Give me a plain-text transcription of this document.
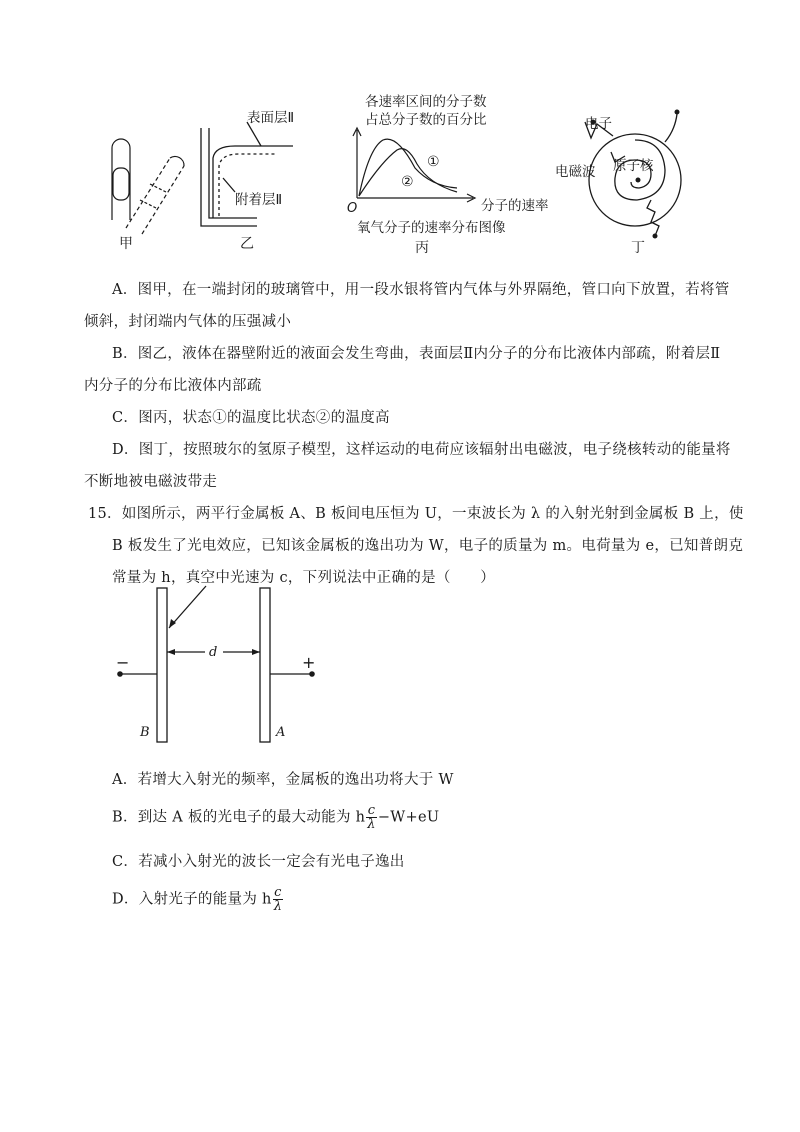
甲
表面层Ⅱ
附着层Ⅱ
乙
各速率区间的分子数
占总分子数的百分比
①
②
O	分子的速率
氧气分子的速率分布图像
丙
电子
电磁波 原子核
丁
A．图甲，在一端封闭的玻璃管中，用一段水银将管内气体与外界隔绝，管口向下放置，若将管
倾斜，封闭端内气体的压强减小
B．图乙，液体在器壁附近的液面会发生弯曲，表面层Ⅱ内分子的分布比液体内部疏，附着层Ⅱ
内分子的分布比液体内部疏
C．图丙，状态①的温度比状态②的温度高
D．图丁，按照玻尔的氢原子模型，这样运动的电荷应该辐射出电磁波，电子绕核转动的能量将
不断地被电磁波带走
15．如图所示，两平行金属板 A、B 板间电压恒为 U，一束波长为 λ 的入射光射到金属板 B 上，使
B 板发生了光电效应，已知该金属板的逸出功为 W，电子的质量为 m。电荷量为 e，已知普朗克
常量为 h，真空中光速为 c，下列说法中正确的是（　　）
d
−	+
B	A
A．若增大入射光的频率，金属板的逸出功将大于 W
B．到达 A 板的光电子的最大动能为 h $\frac{c}{\lambda} -W+eU$
C．若减小入射光的波长一定会有光电子逸出
D．入射光子的能量为 h $\frac{c}{\lambda}$
